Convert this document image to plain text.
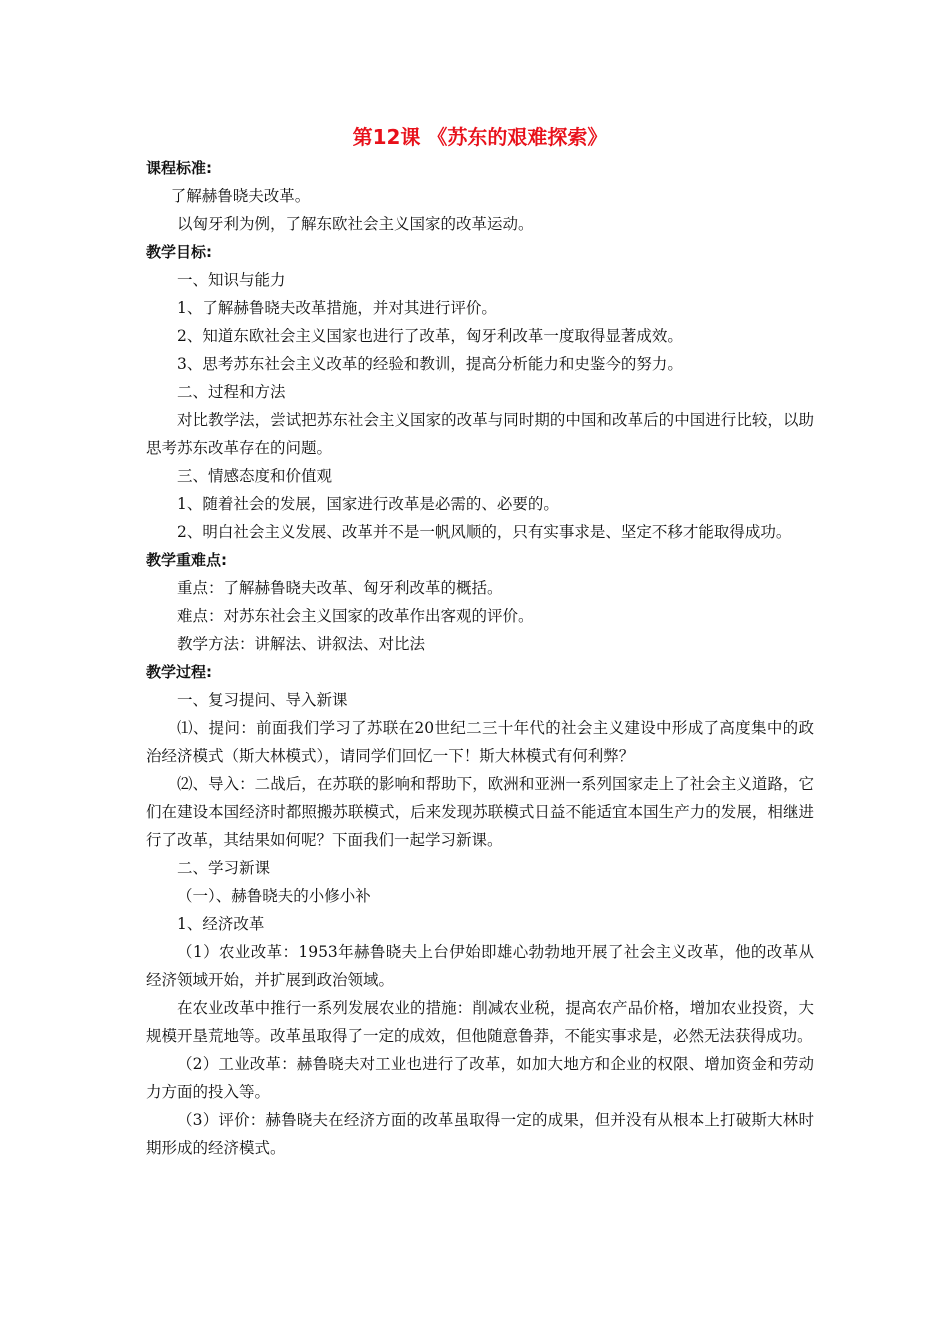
第12课 《苏东的艰难探索》
课程标准:
了解赫鲁晓夫改革。
以匈牙利为例，了解东欧社会主义国家的改革运动。
教学目标:
一、知识与能力
1、了解赫鲁晓夫改革措施，并对其进行评价。
2、知道东欧社会主义国家也进行了改革，匈牙利改革一度取得显著成效。
3、思考苏东社会主义改革的经验和教训，提高分析能力和史鉴今的努力。
二、过程和方法
对比教学法，尝试把苏东社会主义国家的改革与同时期的中国和改革后的中国进行比较，以助思考苏东改革存在的问题。
三、情感态度和价值观
1、随着社会的发展，国家进行改革是必需的、必要的。
2、明白社会主义发展、改革并不是一帆风顺的，只有实事求是、坚定不移才能取得成功。
教学重难点:
重点：了解赫鲁晓夫改革、匈牙利改革的概括。
难点：对苏东社会主义国家的改革作出客观的评价。
教学方法：讲解法、讲叙法、对比法
教学过程:
一、复习提问、导入新课
⑴、提问：前面我们学习了苏联在20世纪二三十年代的社会主义建设中形成了高度集中的政治经济模式（斯大林模式），请同学们回忆一下！斯大林模式有何利弊？
⑵、导入：二战后，在苏联的影响和帮助下，欧洲和亚洲一系列国家走上了社会主义道路，它们在建设本国经济时都照搬苏联模式，后来发现苏联模式日益不能适宜本国生产力的发展，相继进行了改革，其结果如何呢？下面我们一起学习新课。
二、学习新课
（一）、赫鲁晓夫的小修小补
1、经济改革
（1）农业改革：1953年赫鲁晓夫上台伊始即雄心勃勃地开展了社会主义改革，他的改革从经济领域开始，并扩展到政治领域。
在农业改革中推行一系列发展农业的措施：削减农业税，提高农产品价格，增加农业投资，大规模开垦荒地等。改革虽取得了一定的成效，但他随意鲁莽，不能实事求是，必然无法获得成功。
（2）工业改革：赫鲁晓夫对工业也进行了改革，如加大地方和企业的权限、增加资金和劳动力方面的投入等。
（3）评价：赫鲁晓夫在经济方面的改革虽取得一定的成果，但并没有从根本上打破斯大林时期形成的经济模式。
